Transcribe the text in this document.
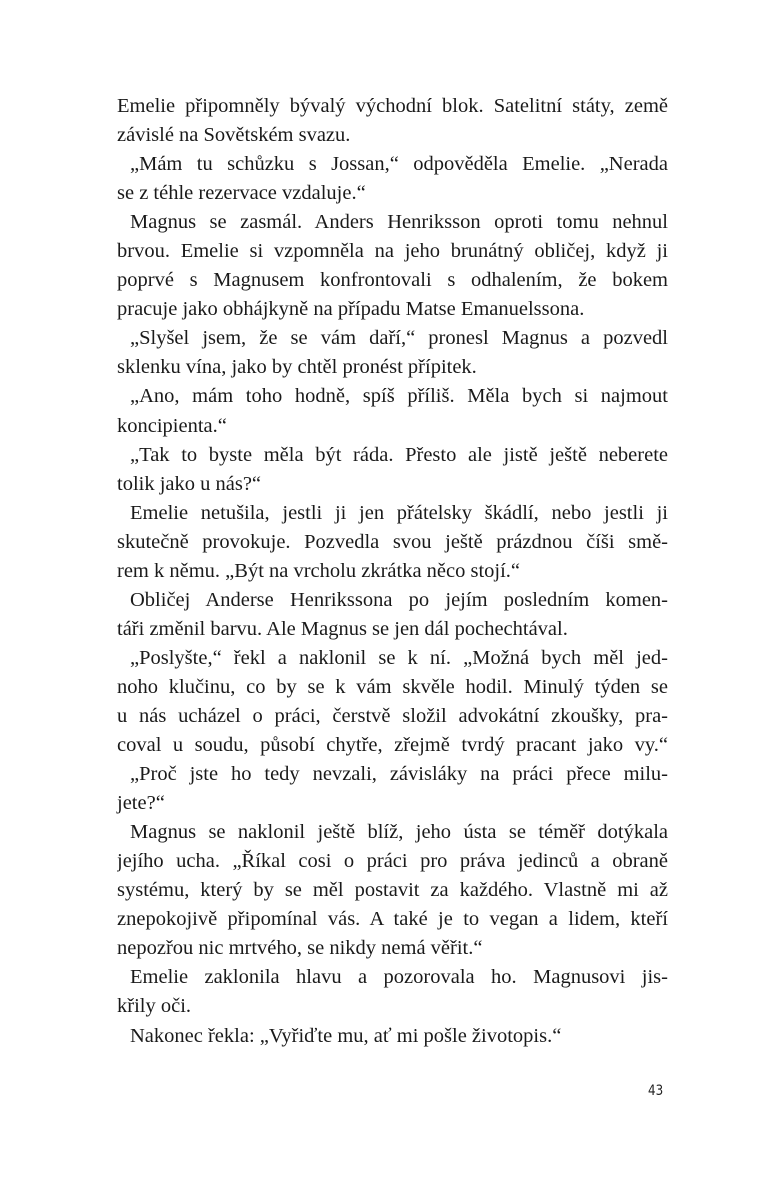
Emelie připomněly bývalý východní blok. Satelitní státy, země
závislé na Sovětském svazu.
„Mám tu schůzku s Jossan,“ odpověděla Emelie. „Nerada
se z téhle rezervace vzdaluje.“
Magnus se zasmál. Anders Henriksson oproti tomu nehnul
brvou. Emelie si vzpomněla na jeho brunátný obličej, když ji
poprvé s Magnusem konfrontovali s odhalením, že bokem
pracuje jako obhájkyně na případu Matse Emanuelssona.
„Slyšel jsem, že se vám daří,“ pronesl Magnus a pozvedl
sklenku vína, jako by chtěl pronést přípitek.
„Ano, mám toho hodně, spíš příliš. Měla bych si najmout
koncipienta.“
„Tak to byste měla být ráda. Přesto ale jistě ještě neberete
tolik jako u nás?“
Emelie netušila, jestli ji jen přátelsky škádlí, nebo jestli ji
skutečně provokuje. Pozvedla svou ještě prázdnou číši smě-
rem k němu. „Být na vrcholu zkrátka něco stojí.“
Obličej Anderse Henrikssona po jejím posledním komen-
táři změnil barvu. Ale Magnus se jen dál pochechtával.
„Poslyšte,“ řekl a naklonil se k ní. „Možná bych měl jed-
noho klučinu, co by se k vám skvěle hodil. Minulý týden se
u nás ucházel o práci, čerstvě složil advokátní zkoušky, pra-
coval u soudu, působí chytře, zřejmě tvrdý pracant jako vy.“
„Proč jste ho tedy nevzali, závisláky na práci přece milu-
jete?“
Magnus se naklonil ještě blíž, jeho ústa se téměř dotýkala
jejího ucha. „Říkal cosi o práci pro práva jedinců a obraně
systému, který by se měl postavit za každého. Vlastně mi až
znepokojivě připomínal vás. A také je to vegan a lidem, kteří
nepozřou nic mrtvého, se nikdy nemá věřit.“
Emelie zaklonila hlavu a pozorovala ho. Magnusovi jis-
křily oči.
Nakonec řekla: „Vyřiďte mu, ať mi pošle životopis.“
43
